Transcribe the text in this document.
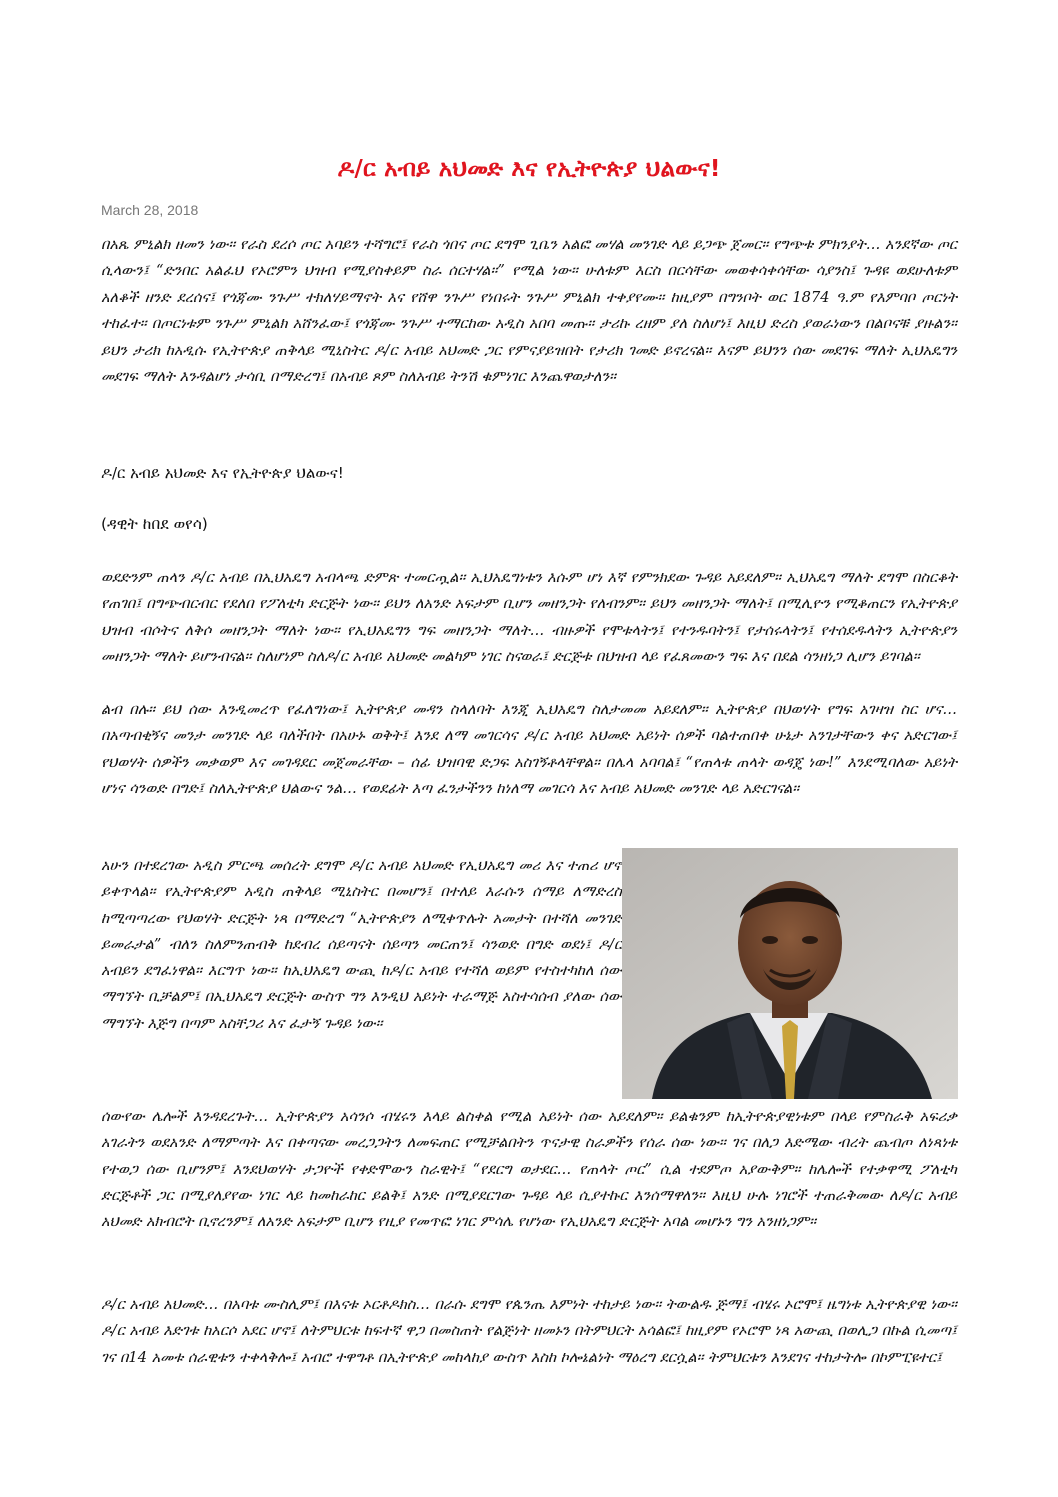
ዶ/ር አብይ አህመድ እና የኢትዮጵያ ህልውና!
March 28, 2018

በአጼ ምኒልክ ዘመን ነው። የራስ ደረሶ ጦር አባይን ተሻግሮ፤ የራስ ጎበና ጦር ደግሞ ጊቤን አልፎ መሃል መንገድ ላይ ይጋጭ ጀመር። የግጭቱ ምክንያት… አንደኛው ጦር ሲላውን፤ “ድንበር አልፈህ የኦሮምን ህዝብ የሚያስቀይም ስራ ሰርተሃል።” የሚል ነው። ሁለቱም እርስ በርሳቸው መወቀሳቀሳቸው ሳያንስ፤ ጉዳዩ ወደሁለቱም አለቆች ዘንድ ደረሰና፤ የጎጃሙ ንጉሥ ተክለሃይማኖት እና የሸዋ ንጉሥ የነበሩት ንጉሥ ምኒልክ ተቀያየሙ። ከዚያም በግንቦት ወር 1874 ዓ.ም የእምባቦ ጦርነት ተከፈተ። በጦርነቱም ንጉሥ ምኒልክ አሸንፈው፤ የጎጃሙ ንጉሥ ተማርከው አዲስ አበባ መጡ። ታሪኩ ረዘም ያለ ስለሆነ፤ እዚህ ድረስ ያወራነውን በልቦናቹ ያዙልን። ይህን ታሪክ ከአዲሱ የኢትዮጵያ ጠቅላይ ሚኒስትር ዶ/ር አብይ አህመድ ጋር የምናያይዝበት የታሪክ ገመድ ይኖረናል። እናም ይህንን ሰው መደገፍ ማለት ኢህአዴግን መደገፍ ማለት እንዳልሆነ ታሳቢ በማድረግ፤ በአብይ ጾም ስለአብይ ትንሽ ቁምነገር እንጨዋወታለን።

ዶ/ር አብይ አህመድ እና የኢትዮጵያ ህልውና!
(ዳዊት ከበደ ወየሳ)

ወደድንም ጠላን ዶ/ር አብይ በኢህአዴግ አብላጫ ድምጽ ተመርጧል። ኢህአዴግነቱን እሱም ሆነ እኛ የምንክደው ጉዳይ አይደለም። ኢህአዴግ ማለት ደግሞ በስርቆት የጠገበ፤ በግጭብርብር የደለበ የፖለቲካ ድርጅት ነው። ይህን ለአንድ አፍታም ቢሆን መዘንጋት የለብንም። ይህን መዘንጋት ማለት፤ በሚሊዮን የሚቆጠርን የኢትዮጵያ ህዝብ ብሶትና ለቅሶ መዘንጋት ማለት ነው። የኢህአዴግን ግፍ መዘንጋት ማለት… ብዙዎች የሞቱላትን፤ የተንዱባትን፤ የታሰሩላትን፤ የተሰደዱላትን ኢትዮጵያን መዘንጋት ማለት ይሆንብናል። ስለሆነም ስለዶ/ር አብይ አህመድ መልካም ነገር ስናወራ፤ ድርጅቱ በህዝብ ላይ የፈጸመውን ግፍ እና በደል ሳንዘነጋ ሊሆን ይገባል።

ልብ በሉ። ይህ ሰው እንዲመረጥ የፈለግነው፤ ኢትዮጵያ መዳን ስላለባት እንጂ ኢህአዴግ ስለታመመ አይደለም። ኢትዮጵያ በህወሃት የግፍ አገዛዝ ስር ሆና… በአጣብቂኝና መንታ መንገድ ላይ ባለችበት በአሁኑ ወቅት፤ እንደ ለማ መገርሳና ዶ/ር አብይ አህመድ አይነት ሰዎች ባልተጠበቀ ሁኔታ አንገታቸውን ቀና አድርገው፤ የህወሃት ሰዎችን መቃወም እና መገዳደር መጀመራቸው – ሰፊ ህዝባዊ ድጋፍ አስገኝቶላቸዋል። በሌላ አባባል፤ “የጠላቱ ጠላት ወዳጄ ነው!” እንደሚባለው አይነት ሆነና ሳንወድ በግድ፤ ስለኢትዮጵያ ህልውና ንል… የወደፊት እጣ ፈንታችንን ከነለማ መገርሳ እና አብይ አህመድ መንገድ ላይ አድርገናል።

አሁን በተደረገው አዲስ ምርጫ መሰረት ደግሞ ዶ/ር አብይ አህመድ የኢህአዴግ መሪ እና ተጠሪ ሆኖ ይቀጥላል። የኢትዮጵያም አዲስ ጠቅላይ ሚኒስትር በመሆን፤ በተለይ እራሱን ሰማይ ለማድረስ ከሚጣጣረው የህወሃት ድርጅት ነጻ በማድረግ “ኢትዮጵያን ለሚቀጥሉት አመታት በተሻለ መንገድ ይመራታል” ብለን ስለምንጠብቅ ከደብረ ሰይጣናት ሰይጣን መርጠን፤ ሳንወድ በግድ ወደነ፤ ዶ/ር አብይን ደግፈነዋል። እርግጥ ነው። ከኢህአዴግ ውጪ ከዶ/ር አብይ የተሻለ ወይም የተስተካከለ ሰው ማግኘት ቢቻልም፤ በኢህአዴግ ድርጅት ውስጥ ግን እንዲህ አይነት ተራማጅ አስተሳሰብ ያለው ሰው ማግኘት እጅግ በጣም አስቸጋሪ እና ፈታኝ ጉዳይ ነው።

ሰውየው ሌሎች እንዳደረጉት… ኢትዮጵያን አሳንሶ ብሄሩን እላይ ልስቀል የሚል አይነት ሰው አይደለም። ይልቁንም ከኢትዮጵያዊነቱም በላይ የምስራቅ አፍሪቃ አገራትን ወደአንድ ለማምጣት እና በቀጣናው መረጋጋትን ለመፍጠር የሚቻልበትን ጥናታዊ ስራዎችን የሰራ ሰው ነው። ገና በለጋ እድሜው ብረት ጨብጦ ለነጻነቱ የተወጋ ሰው ቢሆንም፤ እንደህወሃት ታጋዮች የቀድሞውን ስራዊት፤ “የደርግ ወታደር… የጠላት ጦር” ሲል ተደምጦ አያውቅም። ከሌሎች የተቃዋሚ ፖለቲካ ድርጅቶች ጋር በሚያለያየው ነገር ላይ ከመከራከር ይልቅ፤ አንድ በሚያደርገው ጉዳይ ላይ ሲያተኩር እንሰማዋለን። እዚህ ሁሉ ነገሮች ተጠራቅመው ለዶ/ር አብይ አህመድ አክብሮት ቢኖረንም፤ ለአንድ አፍታም ቢሆን የዚያ የመጥፎ ነገር ምሳሌ የሆነው የኢህአዴግ ድርጅት አባል መሆኑን ግን አንዘነጋም።

ዶ/ር አብይ አህመድ… በአባቱ ሙስሊም፤ በእናቱ ኦርቶዶክስ… በራሱ ደግሞ የጴንጤ እምነት ተከታይ ነው። ትውልዱ ጅማ፤ ብሄሩ ኦሮሞ፤ ዜግነቱ ኢትዮጵያዊ ነው። ዶ/ር አብይ እድገቱ ከአርሶ አደር ሆኖ፤ ለትምህርቱ ከፍተኛ ዋጋ በመስጠት የልጅነት ዘመኑን በትምህርት አሳልፎ፤ ከዚያም የኦሮሞ ነጻ አውጪ በወሊጋ በኩል ሲመጣ፤ ገና በ14 አመቱ ሰራዊቱን ተቀላቅሎ፤ አብሮ ተዋግቶ በኢትዮጵያ መከላከያ ውስጥ እስከ ኮሎኔልነት ማዕረግ ደርሷል። ትምህርቱን እንደገና ተከታትሎ በኮምፒዩተር፤
